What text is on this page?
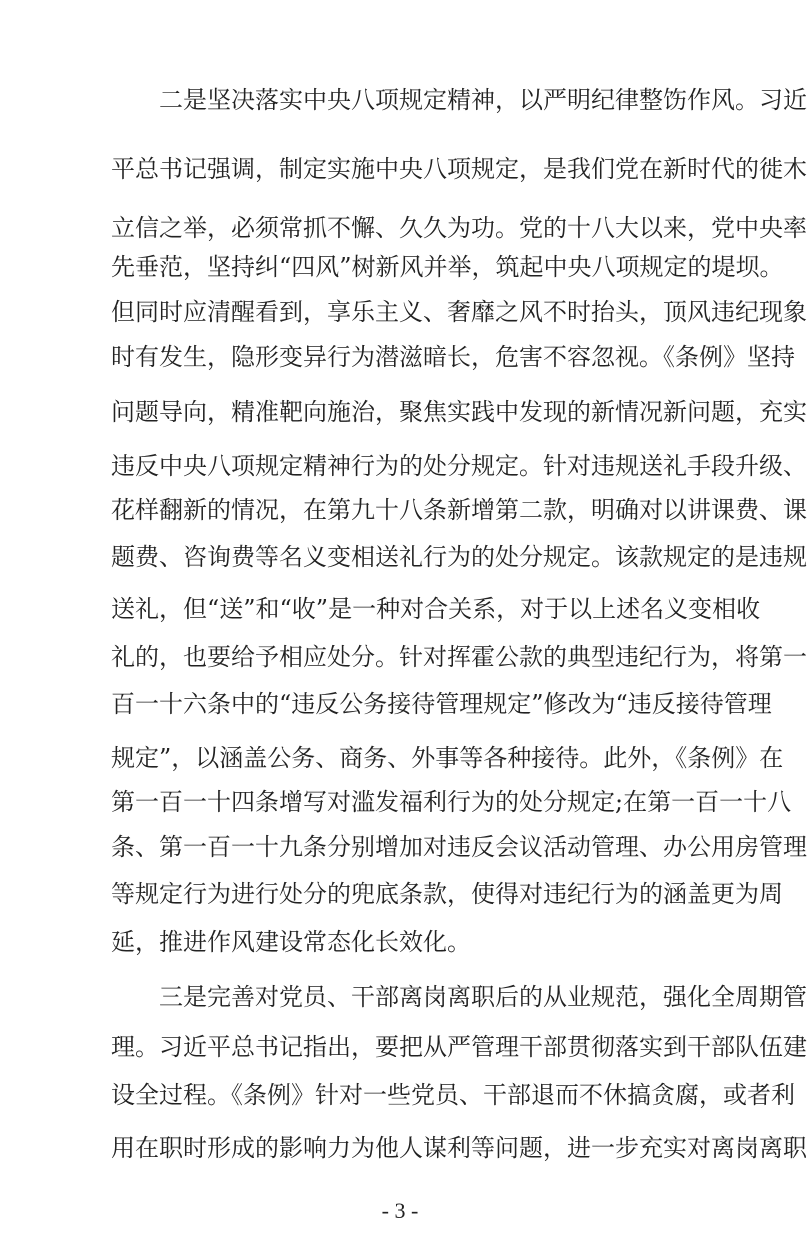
二是坚决落实中央八项规定精神，以严明纪律整饬作风。习近
平总书记强调，制定实施中央八项规定，是我们党在新时代的徙木
立信之举，必须常抓不懈、久久为功。党的十八大以来，党中央率
先垂范，坚持纠“四风”树新风并举，筑起中央八项规定的堤坝。
但同时应清醒看到，享乐主义、奢靡之风不时抬头，顶风违纪现象
时有发生，隐形变异行为潜滋暗长，危害不容忽视。《条例》坚持
问题导向，精准靶向施治，聚焦实践中发现的新情况新问题，充实
违反中央八项规定精神行为的处分规定。针对违规送礼手段升级、
花样翻新的情况，在第九十八条新增第二款，明确对以讲课费、课
题费、咨询费等名义变相送礼行为的处分规定。该款规定的是违规
送礼，但“送”和“收”是一种对合关系，对于以上述名义变相收
礼的，也要给予相应处分。针对挥霍公款的典型违纪行为，将第一
百一十六条中的“违反公务接待管理规定”修改为“违反接待管理
规定”，以涵盖公务、商务、外事等各种接待。此外，《条例》在
第一百一十四条增写对滥发福利行为的处分规定;在第一百一十八
条、第一百一十九条分别增加对违反会议活动管理、办公用房管理
等规定行为进行处分的兜底条款，使得对违纪行为的涵盖更为周
延，推进作风建设常态化长效化。
三是完善对党员、干部离岗离职后的从业规范，强化全周期管
理。习近平总书记指出，要把从严管理干部贯彻落实到干部队伍建
设全过程。《条例》针对一些党员、干部退而不休搞贪腐，或者利
用在职时形成的影响力为他人谋利等问题，进一步充实对离岗离职
- 3 -
